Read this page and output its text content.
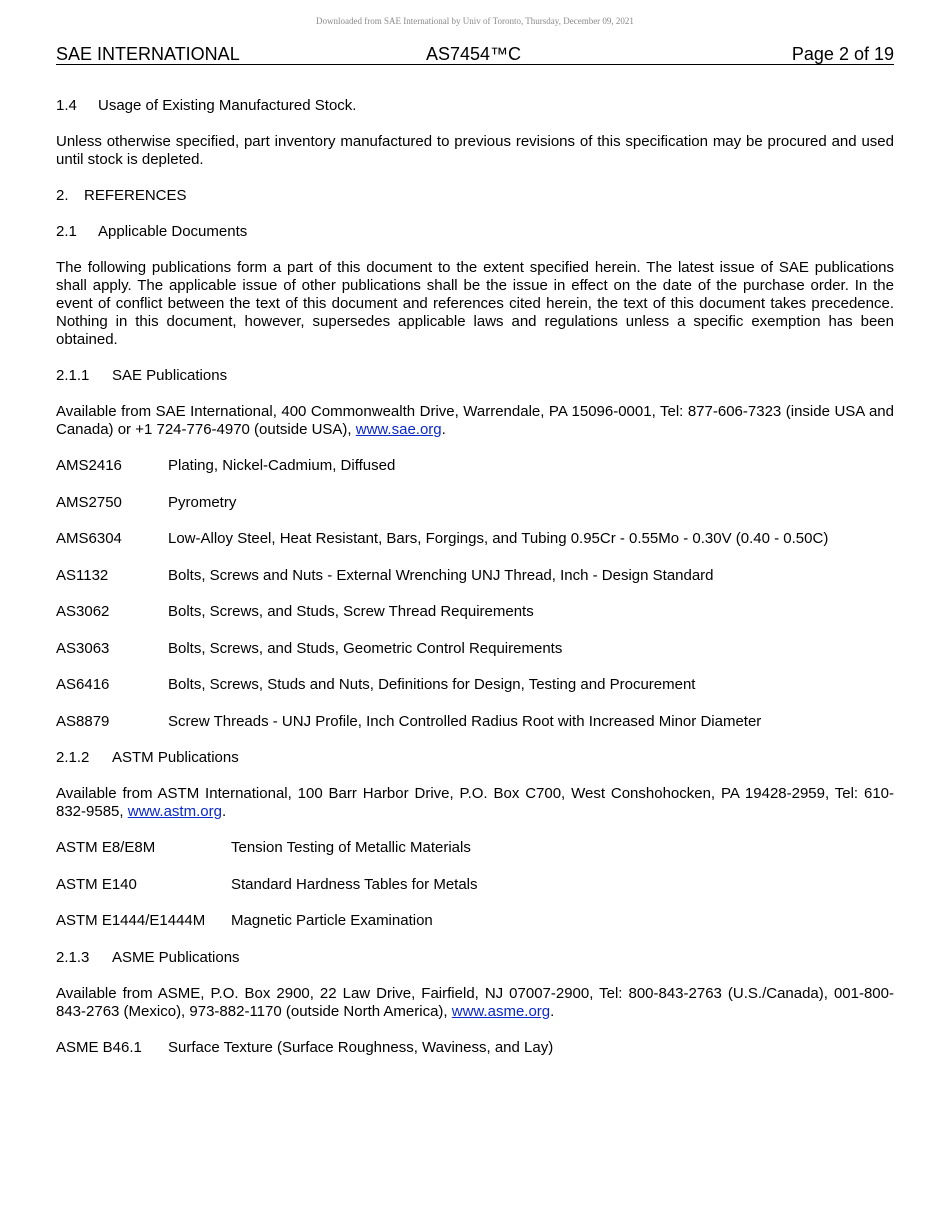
Downloaded from SAE International by Univ of Toronto, Thursday, December 09, 2021
SAE INTERNATIONAL	AS7454™C	Page 2 of 19

1.4 Usage of Existing Manufactured Stock.

Unless otherwise specified, part inventory manufactured to previous revisions of this specification may be procured and used until stock is depleted.

2. REFERENCES

2.1 Applicable Documents

The following publications form a part of this document to the extent specified herein. The latest issue of SAE publications shall apply. The applicable issue of other publications shall be the issue in effect on the date of the purchase order. In the event of conflict between the text of this document and references cited herein, the text of this document takes precedence. Nothing in this document, however, supersedes applicable laws and regulations unless a specific exemption has been obtained.

2.1.1 SAE Publications

Available from SAE International, 400 Commonwealth Drive, Warrendale, PA 15096-0001, Tel: 877-606-7323 (inside USA and Canada) or +1 724-776-4970 (outside USA), www.sae.org.

AMS2416	Plating, Nickel-Cadmium, Diffused
AMS2750	Pyrometry
AMS6304	Low-Alloy Steel, Heat Resistant, Bars, Forgings, and Tubing 0.95Cr - 0.55Mo - 0.30V (0.40 - 0.50C)
AS1132	Bolts, Screws and Nuts - External Wrenching UNJ Thread, Inch - Design Standard
AS3062	Bolts, Screws, and Studs, Screw Thread Requirements
AS3063	Bolts, Screws, and Studs, Geometric Control Requirements
AS6416	Bolts, Screws, Studs and Nuts, Definitions for Design, Testing and Procurement
AS8879	Screw Threads - UNJ Profile, Inch Controlled Radius Root with Increased Minor Diameter

2.1.2 ASTM Publications

Available from ASTM International, 100 Barr Harbor Drive, P.O. Box C700, West Conshohocken, PA 19428-2959, Tel: 610-832-9585, www.astm.org.

ASTM E8/E8M	Tension Testing of Metallic Materials
ASTM E140	Standard Hardness Tables for Metals
ASTM E1444/E1444M	Magnetic Particle Examination

2.1.3 ASME Publications

Available from ASME, P.O. Box 2900, 22 Law Drive, Fairfield, NJ 07007-2900, Tel: 800-843-2763 (U.S./Canada), 001-800-843-2763 (Mexico), 973-882-1170 (outside North America), www.asme.org.

ASME B46.1	Surface Texture (Surface Roughness, Waviness, and Lay)
